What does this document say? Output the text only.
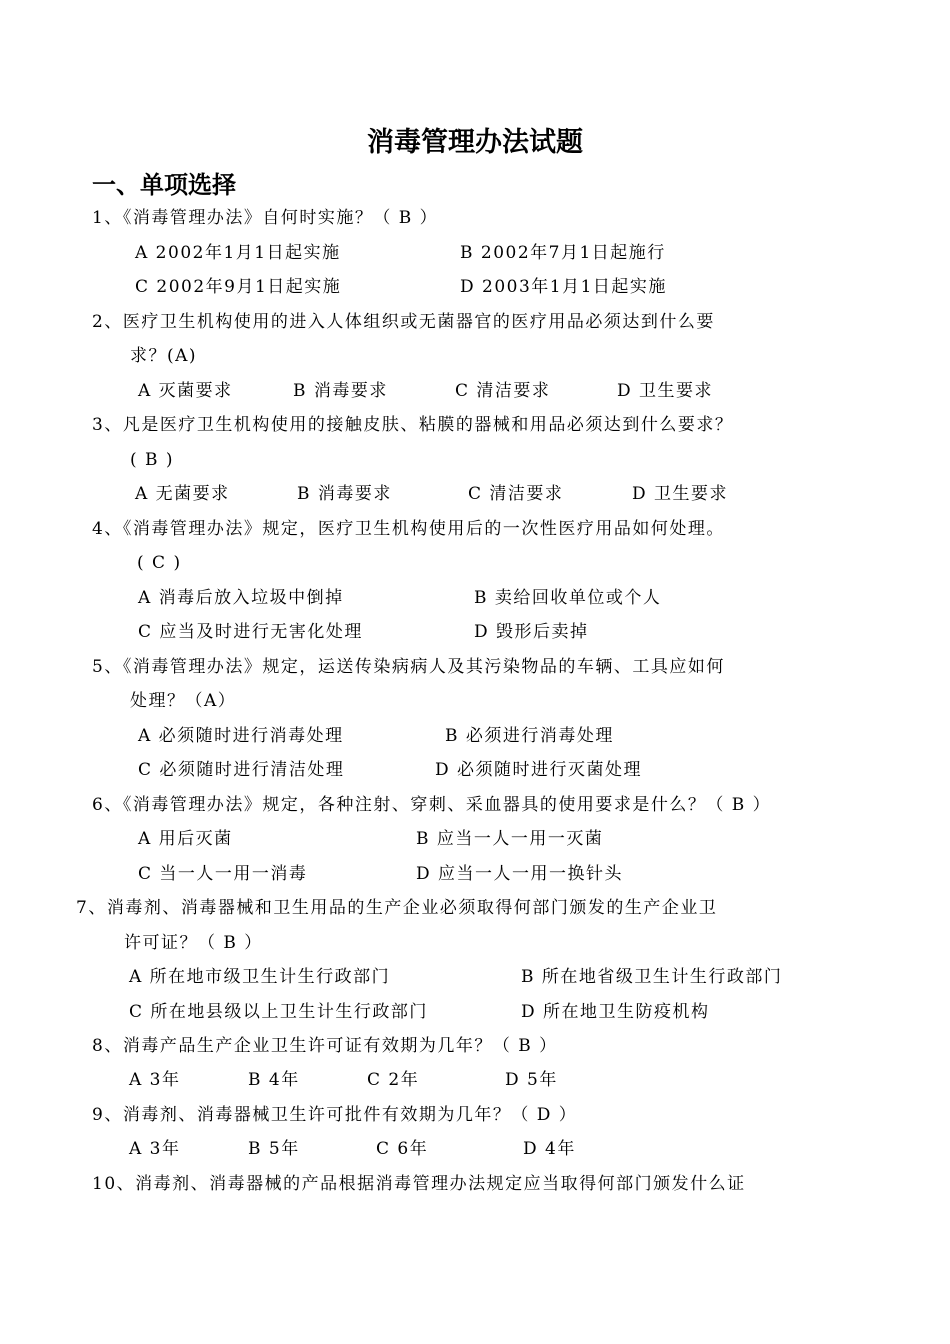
消毒管理办法试题
一、单项选择
1、《消毒管理办法》自何时实施？（ B ）
A 2002年1月1日起实施	B 2002年7月1日起施行
C 2002年9月1日起实施	D 2003年1月1日起实施
2、医疗卫生机构使用的进入人体组织或无菌器官的医疗用品必须达到什么要
求？(A)
A 灭菌要求	B 消毒要求	C 清洁要求	D 卫生要求
3、凡是医疗卫生机构使用的接触皮肤、粘膜的器械和用品必须达到什么要求？
( B )
A 无菌要求	B 消毒要求	C 清洁要求	D 卫生要求
4、《消毒管理办法》规定，医疗卫生机构使用后的一次性医疗用品如何处理。
( C )
A 消毒后放入垃圾中倒掉	B 卖给回收单位或个人
C 应当及时进行无害化处理	D 毁形后卖掉
5、《消毒管理办法》规定，运送传染病病人及其污染物品的车辆、工具应如何
处理？（A）
A 必须随时进行消毒处理	B 必须进行消毒处理
C 必须随时进行清洁处理	D 必须随时进行灭菌处理
6、《消毒管理办法》规定，各种注射、穿刺、采血器具的使用要求是什么？（ B ）
A 用后灭菌	B 应当一人一用一灭菌
C 当一人一用一消毒	D 应当一人一用一换针头
7、消毒剂、消毒器械和卫生用品的生产企业必须取得何部门颁发的生产企业卫
许可证？（ B ）
A 所在地市级卫生计生行政部门	B 所在地省级卫生计生行政部门
C 所在地县级以上卫生计生行政部门	D 所在地卫生防疫机构
8、消毒产品生产企业卫生许可证有效期为几年？（ B ）
A 3年	B 4年	C 2年	D 5年
9、消毒剂、消毒器械卫生许可批件有效期为几年？（ D ）
A 3年	B 5年	C 6年	D 4年
10、消毒剂、消毒器械的产品根据消毒管理办法规定应当取得何部门颁发什么证
